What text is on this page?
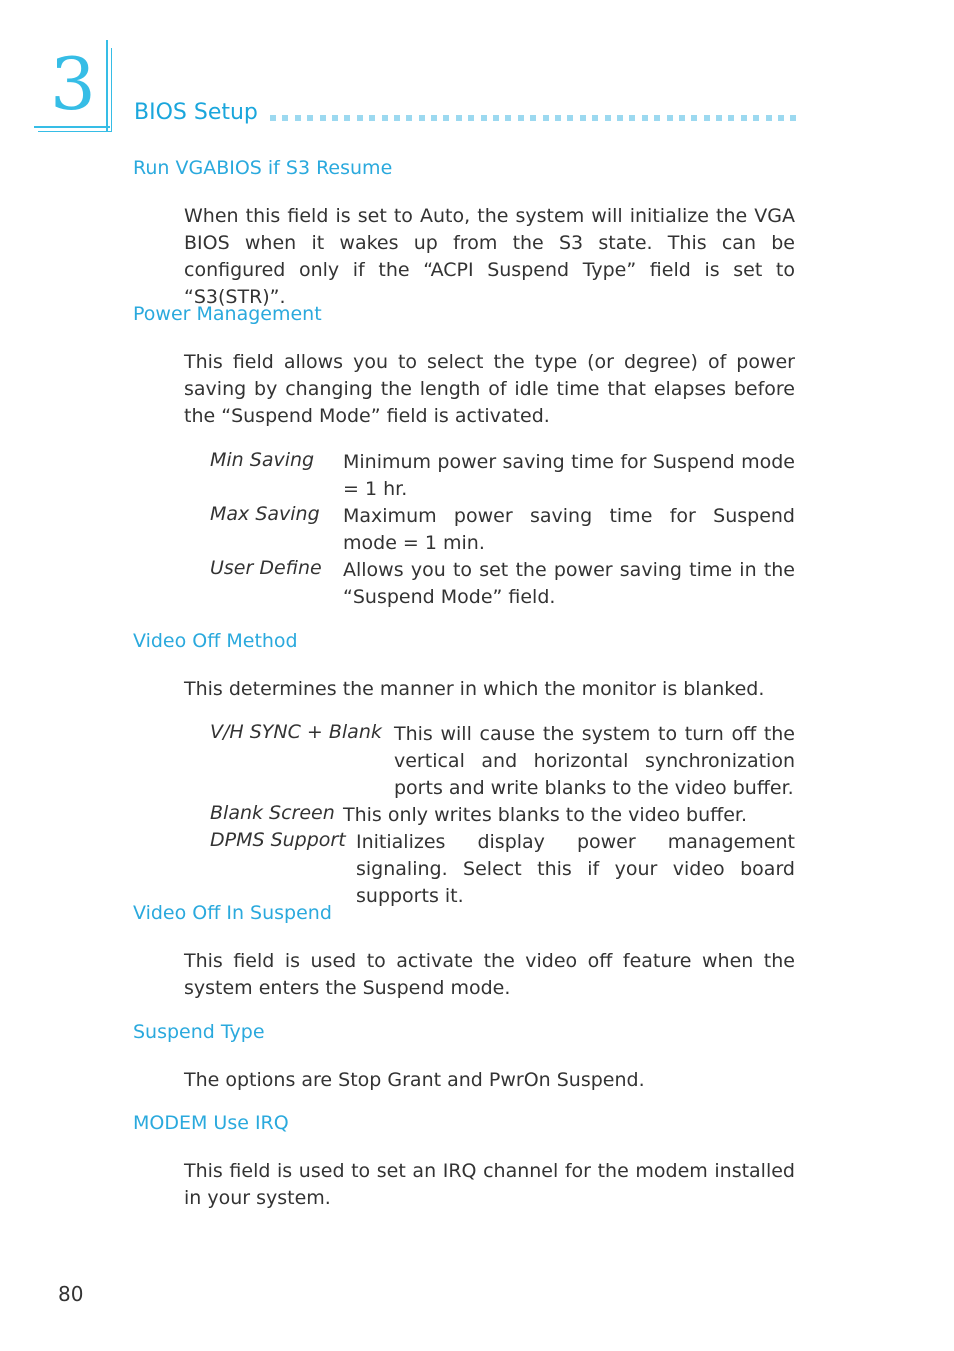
3 BIOS Setup
Run VGABIOS if S3 Resume
When this field is set to Auto, the system will initialize the VGA BIOS when it wakes up from the S3 state. This can be configured only if the “ACPI Suspend Type” field is set to “S3(STR)”.
Power Management
This field allows you to select the type (or degree) of power saving by changing the length of idle time that elapses before the “Suspend Mode” field is activated.
Min Saving Minimum power saving time for Suspend mode = 1 hr.
Max Saving Maximum power saving time for Suspend mode = 1 min.
User Define Allows you to set the power saving time in the “Suspend Mode” field.
Video Off Method
This determines the manner in which the monitor is blanked.
V/H SYNC + Blank This will cause the system to turn off the vertical and horizontal synchronization ports and write blanks to the video buffer.
Blank Screen This only writes blanks to the video buffer.
DPMS Support Initializes display power management signaling. Select this if your video board supports it.
Video Off In Suspend
This field is used to activate the video off feature when the system enters the Suspend mode.
Suspend Type
The options are Stop Grant and PwrOn Suspend.
MODEM Use IRQ
This field is used to set an IRQ channel for the modem installed in your system.
80
